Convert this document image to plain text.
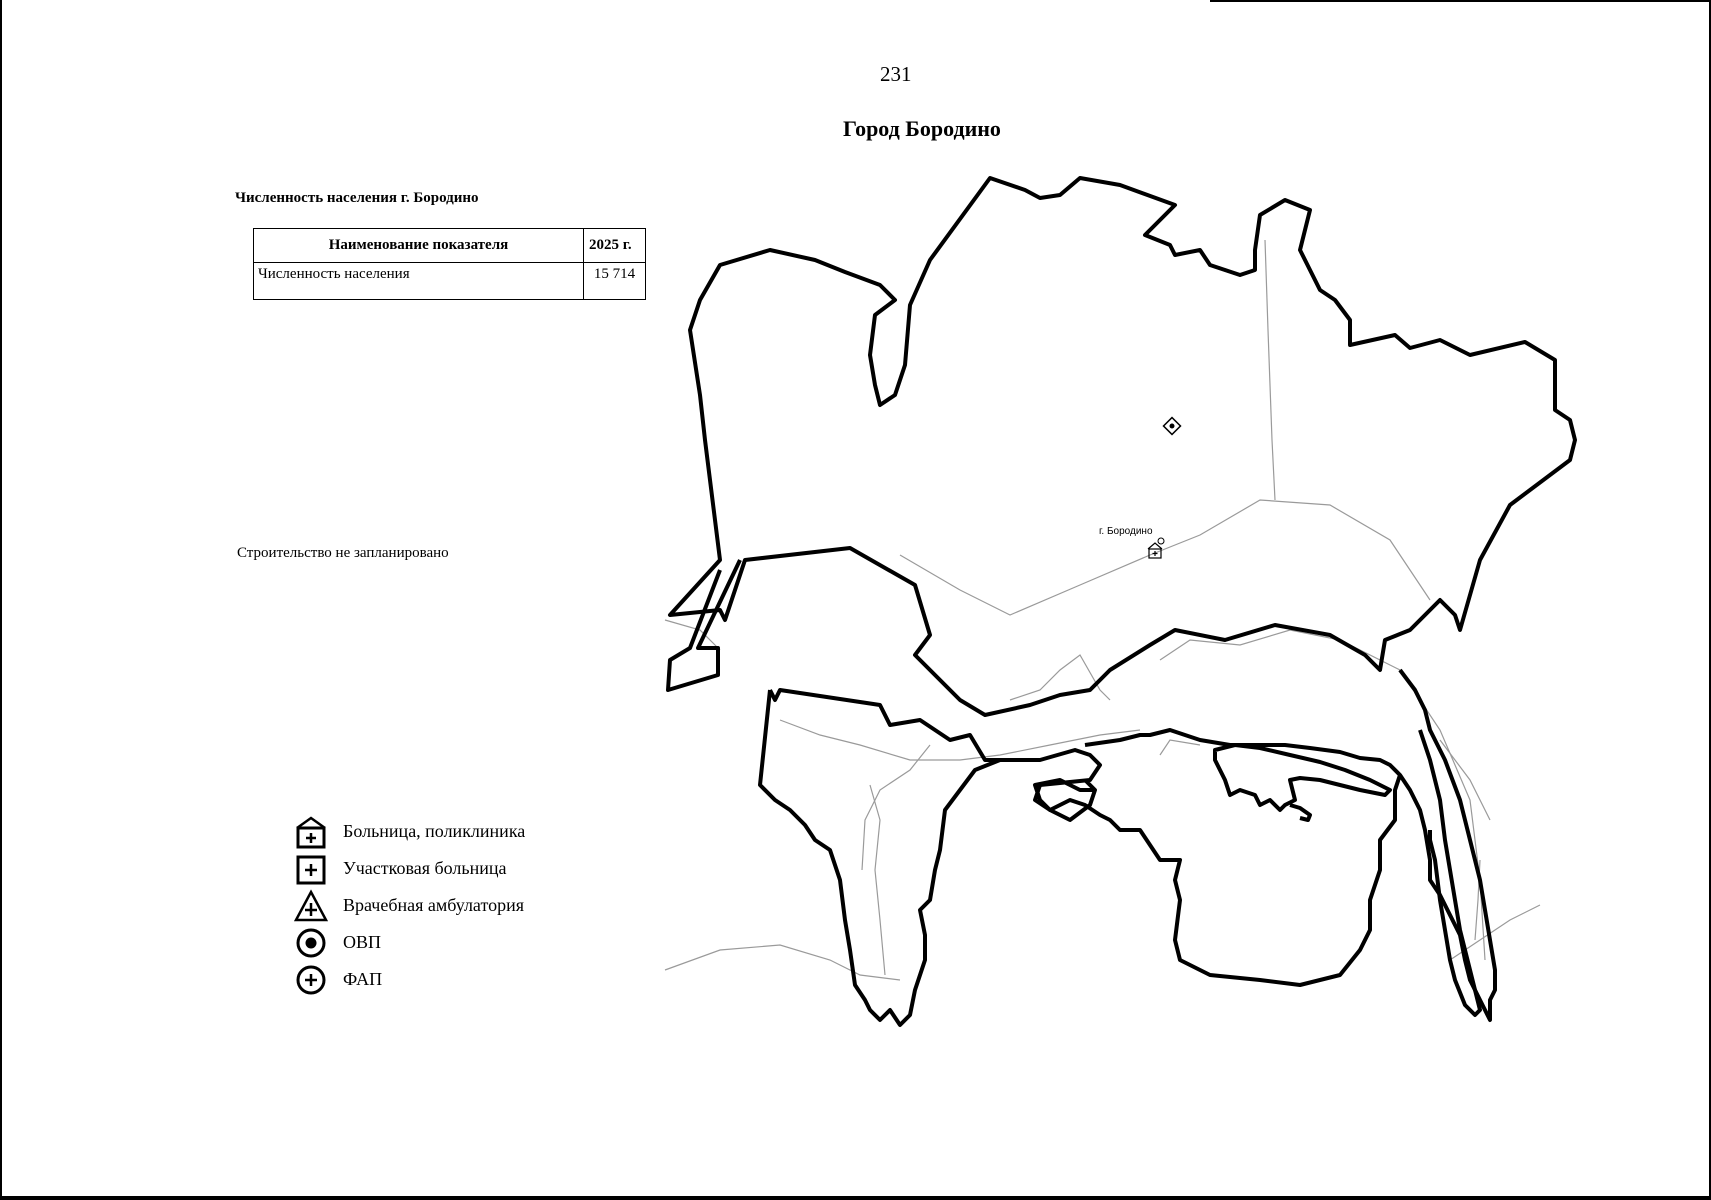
231
Город Бородино
Численность населения г. Бородино
Наименование показателя	2025 г.
Численность населения	15 714
Строительство не запланировано
г. Бородино
Больница, поликлиника
Участковая больница
Врачебная амбулатория
ОВП
ФАП
